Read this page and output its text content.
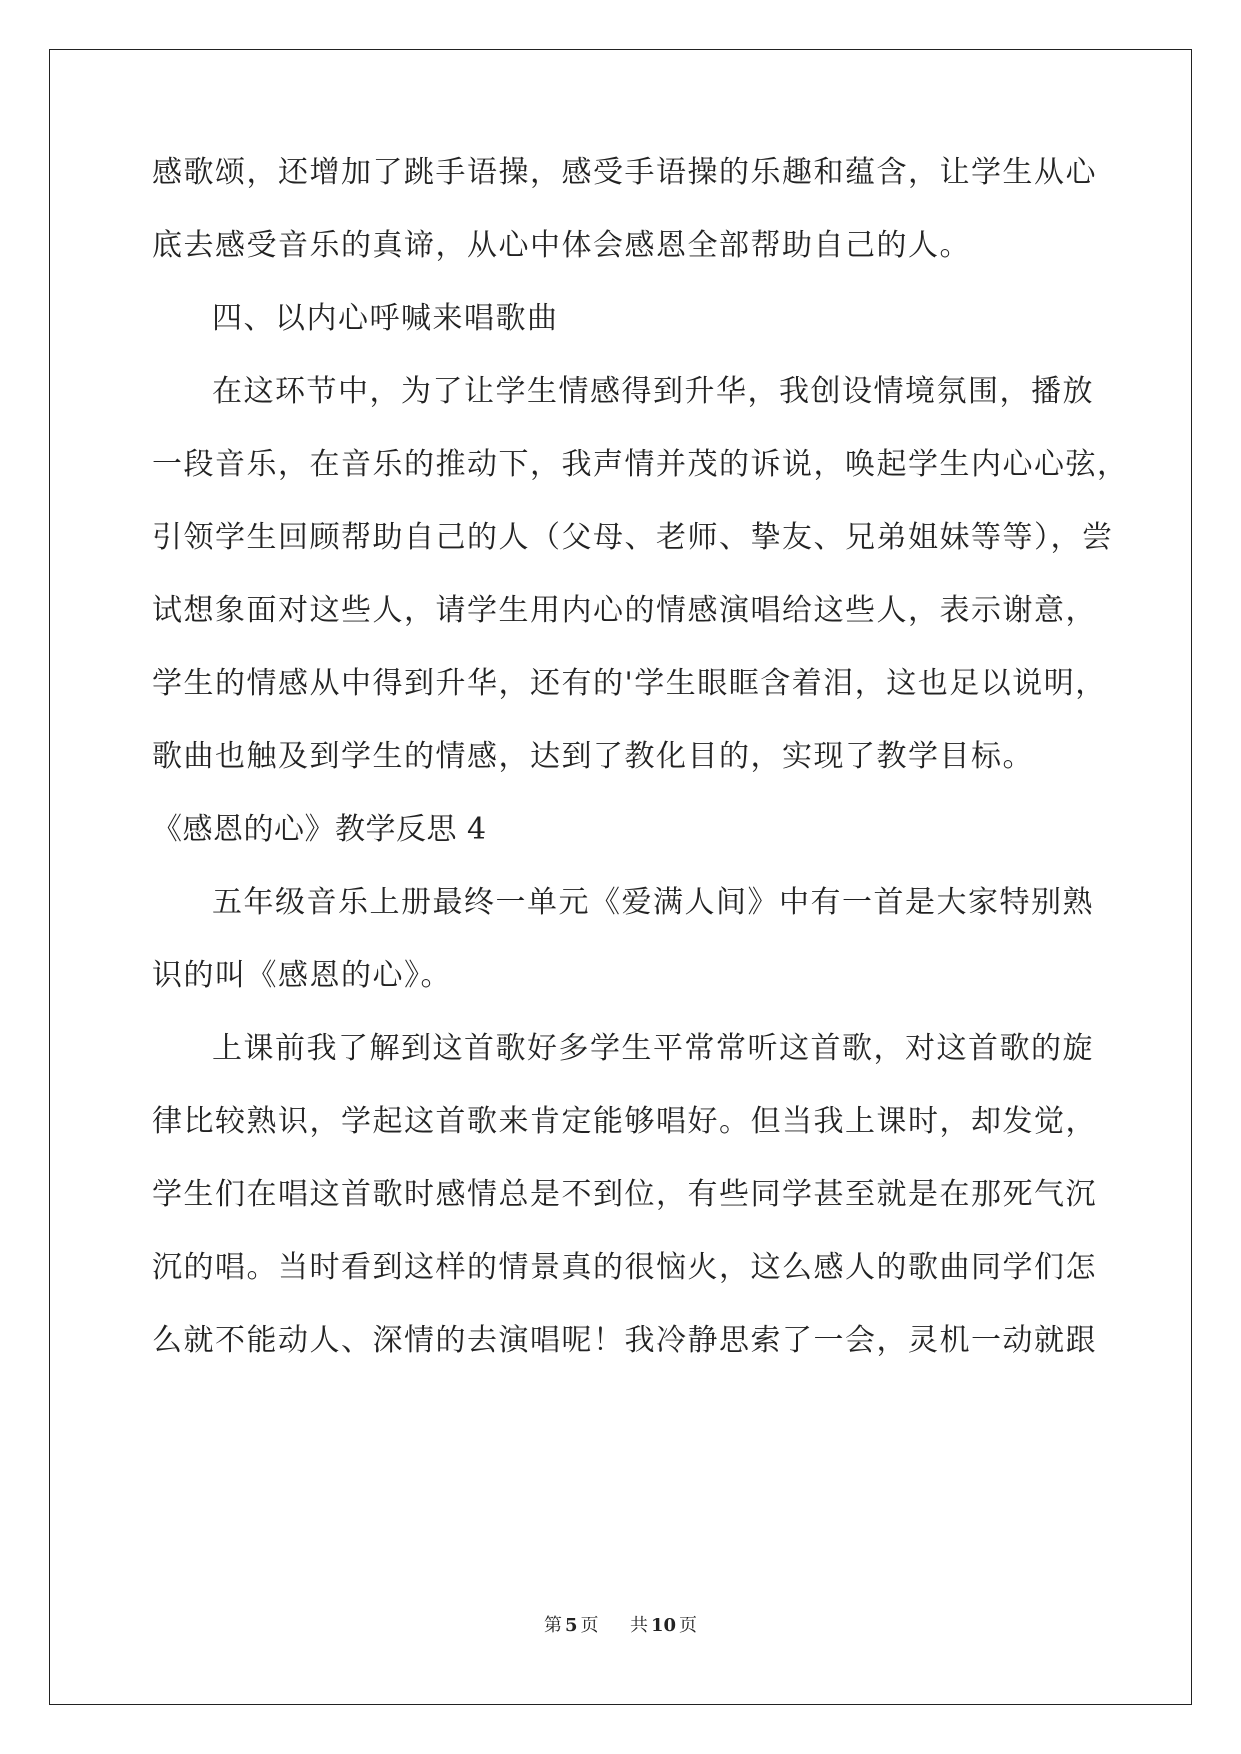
感歌颂，还增加了跳手语操，感受手语操的乐趣和蕴含，让学生从心
底去感受音乐的真谛，从心中体会感恩全部帮助自己的人。
四、以内心呼喊来唱歌曲
在这环节中，为了让学生情感得到升华，我创设情境氛围，播放
一段音乐，在音乐的推动下，我声情并茂的诉说，唤起学生内心心弦，
引领学生回顾帮助自己的人（父母、老师、挚友、兄弟姐妹等等），尝
试想象面对这些人，请学生用内心的情感演唱给这些人，表示谢意，
学生的情感从中得到升华，还有的'学生眼眶含着泪，这也足以说明，
歌曲也触及到学生的情感，达到了教化目的，实现了教学目标。
《感恩的心》教学反思 4
五年级音乐上册最终一单元《爱满人间》中有一首是大家特别熟
识的叫《感恩的心》。
上课前我了解到这首歌好多学生平常常听这首歌，对这首歌的旋
律比较熟识，学起这首歌来肯定能够唱好。但当我上课时，却发觉，
学生们在唱这首歌时感情总是不到位，有些同学甚至就是在那死气沉
沉的唱。当时看到这样的情景真的很恼火，这么感人的歌曲同学们怎
么就不能动人、深情的去演唱呢！我冷静思索了一会，灵机一动就跟
第 5 页 共 10 页
